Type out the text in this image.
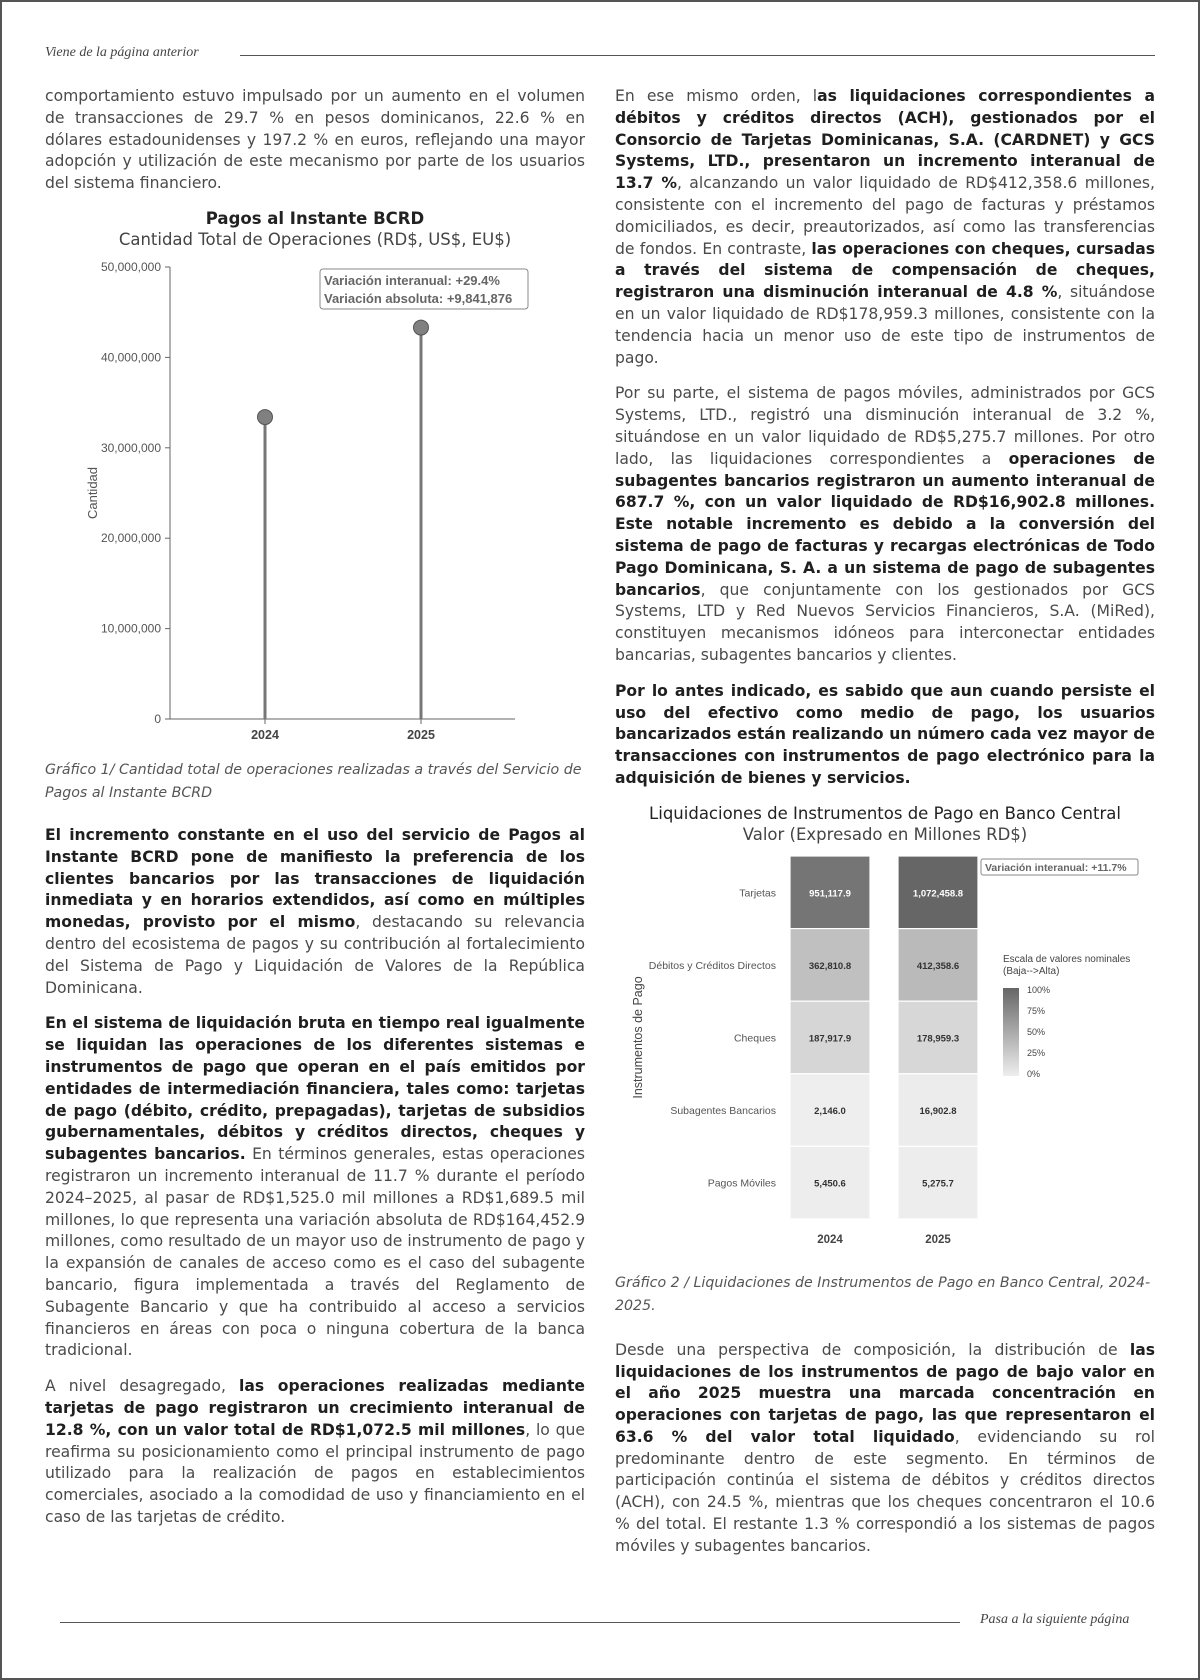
Viene de la página anterior

comportamiento estuvo impulsado por un aumento en el volumen de transacciones de 29.7 % en pesos dominicanos, 22.6 % en dólares estadounidenses y 197.2 % en euros, reflejando una mayor adopción y utilización de este mecanismo por parte de los usuarios del sistema financiero.

Pagos al Instante BCRD

Cantidad Total de Operaciones (RD$, US$, EU$)

0
10,000,000
20,000,000
30,000,000
40,000,000
50,000,000
Cantidad
2024	2025
Variación interanual: +29.4%
Variación absoluta: +9,841,876

Gráfico 1/ Cantidad total de operaciones realizadas a través del Servicio de Pagos al Instante BCRD

El incremento constante en el uso del servicio de Pagos al Instante BCRD pone de manifiesto la preferencia de los clientes bancarios por las transacciones de liquidación inmediata y en horarios extendidos, así como en múltiples monedas, provisto por el mismo, destacando su relevancia dentro del ecosistema de pagos y su contribución al fortalecimiento del Sistema de Pago y Liquidación de Valores de la República Dominicana.

En el sistema de liquidación bruta en tiempo real igualmente se liquidan las operaciones de los diferentes sistemas e instrumentos de pago que operan en el país emitidos por entidades de intermediación financiera, tales como: tarjetas de pago (débito, crédito, prepagadas), tarjetas de subsidios gubernamentales, débitos y créditos directos, cheques y subagentes bancarios. En términos generales, estas operaciones registraron un incremento interanual de 11.7 % durante el período 2024–2025, al pasar de RD$1,525.0 mil millones a RD$1,689.5 mil millones, lo que representa una variación absoluta de RD$164,452.9 millones, como resultado de un mayor uso de instrumento de pago y la expansión de canales de acceso como es el caso del subagente bancario, figura implementada a través del Reglamento de Subagente Bancario y que ha contribuido al acceso a servicios financieros en áreas con poca o ninguna cobertura de la banca tradicional.

A nivel desagregado, las operaciones realizadas mediante tarjetas de pago registraron un crecimiento interanual de 12.8 %, con un valor total de RD$1,072.5 mil millones, lo que reafirma su posicionamiento como el principal instrumento de pago utilizado para la realización de pagos en establecimientos comerciales, asociado a la comodidad de uso y financiamiento en el caso de las tarjetas de crédito.

En ese mismo orden, las liquidaciones correspondientes a débitos y créditos directos (ACH), gestionados por el Consorcio de Tarjetas Dominicanas, S.A. (CARDNET) y GCS Systems, LTD., presentaron un incremento interanual de 13.7 %, alcanzando un valor liquidado de RD$412,358.6 millones, consistente con el incremento del pago de facturas y préstamos domiciliados, es decir, preautorizados, así como las transferencias de fondos. En contraste, las operaciones con cheques, cursadas a través del sistema de compensación de cheques, registraron una disminución interanual de 4.8 %, situándose en un valor liquidado de RD$178,959.3 millones, consistente con la tendencia hacia un menor uso de este tipo de instrumentos de pago.

Por su parte, el sistema de pagos móviles, administrados por GCS Systems, LTD., registró una disminución interanual de 3.2 %, situándose en un valor liquidado de RD$5,275.7 millones. Por otro lado, las liquidaciones correspondientes a operaciones de subagentes bancarios registraron un aumento interanual de 687.7 %, con un valor liquidado de RD$16,902.8 millones. Este notable incremento es debido a la conversión del sistema de pago de facturas y recargas electrónicas de Todo Pago Dominicana, S. A. a un sistema de pago de subagentes bancarios, que conjuntamente con los gestionados por GCS Systems, LTD y Red Nuevos Servicios Financieros, S.A. (MiRed), constituyen mecanismos idóneos para interconectar entidades bancarias, subagentes bancarios y clientes.

Por lo antes indicado, es sabido que aun cuando persiste el uso del efectivo como medio de pago, los usuarios bancarizados están realizando un número cada vez mayor de transacciones con instrumentos de pago electrónico para la adquisición de bienes y servicios.

Liquidaciones de Instrumentos de Pago en Banco Central

Valor (Expresado en Millones RD$)

Instrumentos de Pago
Tarjetas	951,117.9	1,072,458.8
Débitos y Créditos Directos	362,810.8	412,358.6
Cheques	187,917.9	178,959.3
Subagentes Bancarios	2,146.0	16,902.8
Pagos Móviles	5,450.6	5,275.7
2024	2025
Variación interanual: +11.7%
Escala de valores nominales
(Baja-->Alta)
100%
75%
50%
25%
0%

Gráfico 2 / Liquidaciones de Instrumentos de Pago en Banco Central, 2024-2025.

Desde una perspectiva de composición, la distribución de las liquidaciones de los instrumentos de pago de bajo valor en el año 2025 muestra una marcada concentración en operaciones con tarjetas de pago, las que representaron el 63.6 % del valor total liquidado, evidenciando su rol predominante dentro de este segmento. En términos de participación continúa el sistema de débitos y créditos directos (ACH), con 24.5 %, mientras que los cheques concentraron el 10.6 % del total. El restante 1.3 % correspondió a los sistemas de pagos móviles y subagentes bancarios.

Pasa a la siguiente página
